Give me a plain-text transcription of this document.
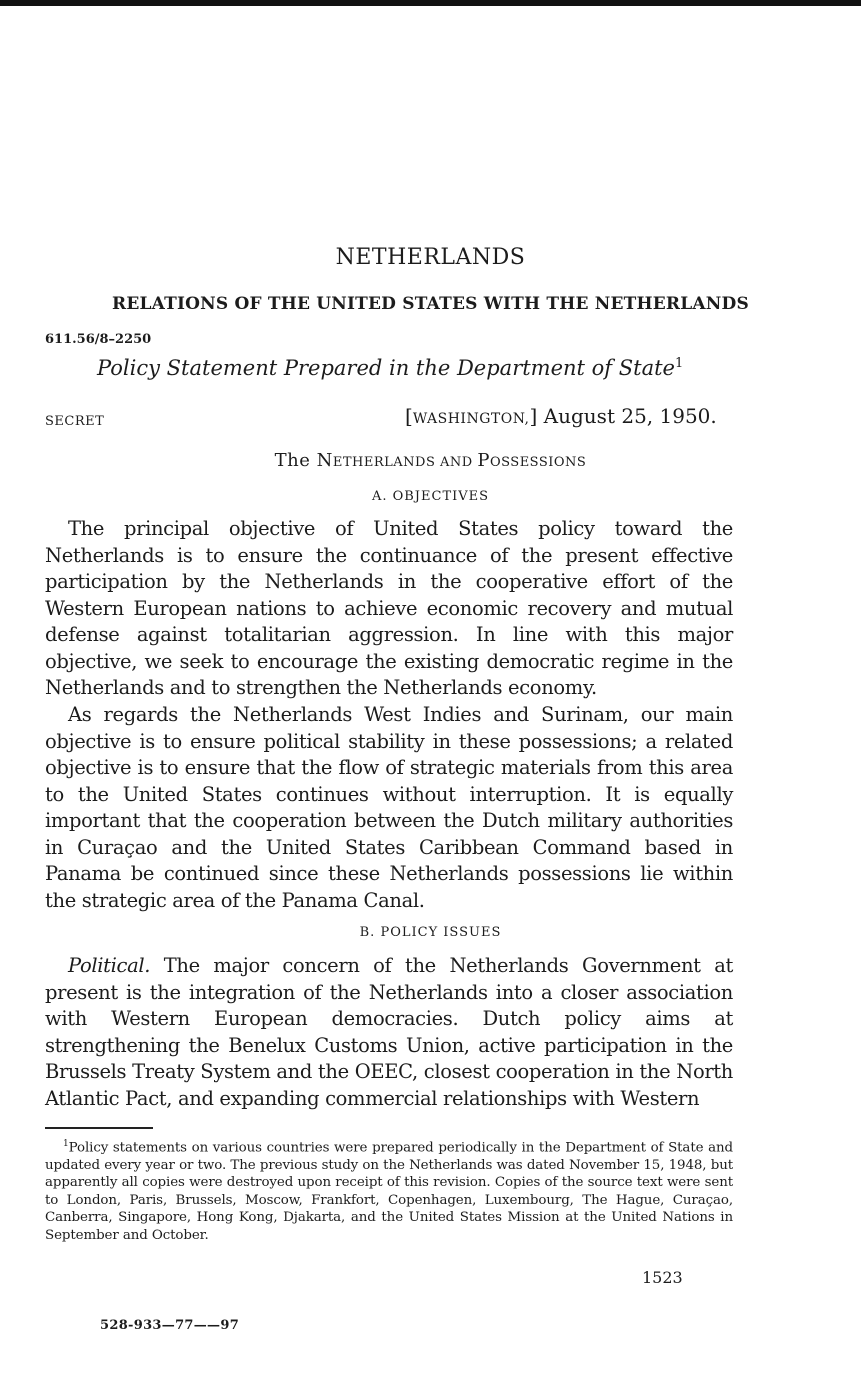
NETHERLANDS
RELATIONS OF THE UNITED STATES WITH THE NETHERLANDS
611.56/8–2250
Policy Statement Prepared in the Department of State$^1$
SECRET	[WASHINGTON,] August 25, 1950.
The NETHERLANDS AND POSSESSIONS
A. OBJECTIVES

The principal objective of United States policy toward the Netherlands is to ensure the continuance of the present effective participation by the Netherlands in the cooperative effort of the Western European nations to achieve economic recovery and mutual defense against totalitarian aggression. In line with this major objective, we seek to encourage the existing democratic regime in the Netherlands and to strengthen the Netherlands economy.

As regards the Netherlands West Indies and Surinam, our main objective is to ensure political stability in these possessions; a related objective is to ensure that the flow of strategic materials from this area to the United States continues without interruption. It is equally important that the cooperation between the Dutch military authorities in Curaçao and the United States Caribbean Command based in Panama be continued since these Netherlands possessions lie within the strategic area of the Panama Canal.

B. POLICY ISSUES

Political. The major concern of the Netherlands Government at present is the integration of the Netherlands into a closer association with Western European democracies. Dutch policy aims at strengthening the Benelux Customs Union, active participation in the Brussels Treaty System and the OEEC, closest cooperation in the North Atlantic Pact, and expanding commercial relationships with Western

$^1$Policy statements on various countries were prepared periodically in the Department of State and updated every year or two. The previous study on the Netherlands was dated November 15, 1948, but apparently all copies were destroyed upon receipt of this revision. Copies of the source text were sent to London, Paris, Brussels, Moscow, Frankfort, Copenhagen, Luxembourg, The Hague, Curaçao, Canberra, Singapore, Hong Kong, Djakarta, and the United States Mission at the United Nations in September and October.

1523
528-933—77——97
